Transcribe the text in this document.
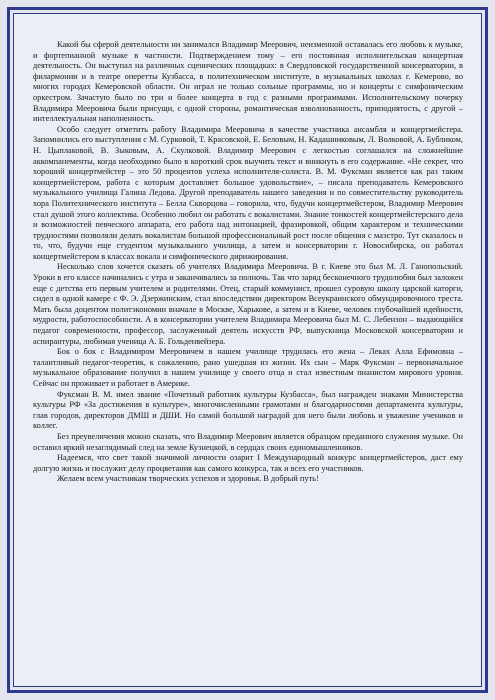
Какой бы сферой деятельности ни занимался Владимир Меерович, неизменной оставалась его любовь к музыке, и фортепианной музыке в частности. Подтверждением тому – его постоянная исполнительская концертная деятельность. Он выступал на различных сценических площадках: в Свердловской государственной консерватории, в филармонии и в театре оперетты Кузбасса, в политехническом институте, в музыкальных школах г. Кемерово, во многих городах Кемеровской области. Он играл не только сольные программы, но и концерты с симфоническим оркестром. Зачастую было по три и более концерта в год с разными программами. Исполнительскому почерку Владимира Мееровича были присущи, с одной стороны, романтическая взволнованность, приподнятость, с другой – интеллектуальная наполненность.

Особо следует отметить работу Владимира Мееровича в качестве участника ансамбля и концертмейстера. Запомнились его выступления с М. Сурковой, Т. Красовской, Е. Беловым, Н. Кадашниковым, Л. Волковой, А. Бубликом, Н. Цыплаковой, В. Зыковым, А. Скулковой. Владимир Меерович с легкостью соглашался на сложнейшие аккомпанементы, когда необходимо было в короткий срок выучить текст и вникнуть в его содержание. «Не секрет, что хороший концертмейстер – это 50 процентов успеха исполнителя-солиста. В. М. Фуксман является как раз таким концертмейстером, работа с которым доставляет большое удовольствие», – писала преподаватель Кемеровского музыкального училища Галина Ледова. Другой преподаватель нашего заведения и по совместительству руководитель хора Политехнического института – Белла Скворцова – говорила, что, будучи концертмейстером, Владимир Меерович стал душой этого коллектива. Особенно любил он работать с вокалистами. Знание тонкостей концертмейстерского дела и возможностей певческого аппарата, его работа над интонацией, фразировкой, общим характером и техническими трудностями позволяли делать вокалистам большой профессиональный рост после общения с маэстро. Тут сказалось и то, что, будучи еще студентом музыкального училища, а затем и консерватории г. Новосибирска, он работал концертмейстером в классах вокала и симфонического дирижирования.

Несколько слов хочется сказать об учителях Владимира Мееровича. В г. Киеве это был М. Л. Ганопольский. Уроки в его классе начинались с утра и заканчивались за полночь. Так что заряд бесконечного трудолюбия был заложен еще с детства его первым учителем и родителями. Отец, старый коммунист, прошел суровую школу царской каторги, сидел в одной камере с Ф. Э. Дзержинским, стал впоследствии директором Всеукраинского обмундировочного треста. Мать была доцентом политэкономии вначале в Москве, Харькове, а затем и в Киеве, человек глубочайшей идейности, мудрости, работоспособности. А в консерватории учителем Владимира Мееровича был М. С. Лебензон – выдающийся педагог современности, профессор, заслуженный деятель искусств РФ, выпускница Московской консерватории и аспирантуры, любимая ученица А. Б. Гольденвейзера.

Бок о бок с Владимиром Мееровичем в нашем училище трудилась его жена – Леках Алла Ефимовна – талантливый педагог-теоретик, к сожалению, рано ушедшая из жизни. Их сын – Марк Фуксман – первоначальное музыкальное образование получил в нашем училище у своего отца и стал известным пианистом мирового уровня. Сейчас он проживает и работает в Америке.

Фуксман В. М. имел звание «Почетный работник культуры Кузбасса», был награжден знаками Министерства культуры РФ «За достижения в культуре», многочисленными грамотами и благодарностями департамента культуры, глав городов, директоров ДМШ и ДШИ. Но самой большой наградой для него были любовь и уважение учеников и коллег.

Без преувеличения можно сказать, что Владимир Меерович является образцом преданного служения музыке. Он оставил яркий незаглядимый след на земле Кузнецкой, в сердцах своих единомышленников.

Надеемся, что свет такой значимой личности озарит I Международный конкурс концертмейстеров, даст ему долгую жизнь и послужит делу процветания как самого конкурса, так и всех его участников.

Желаем всем участникам творческих успехов и здоровья. В добрый путь!
